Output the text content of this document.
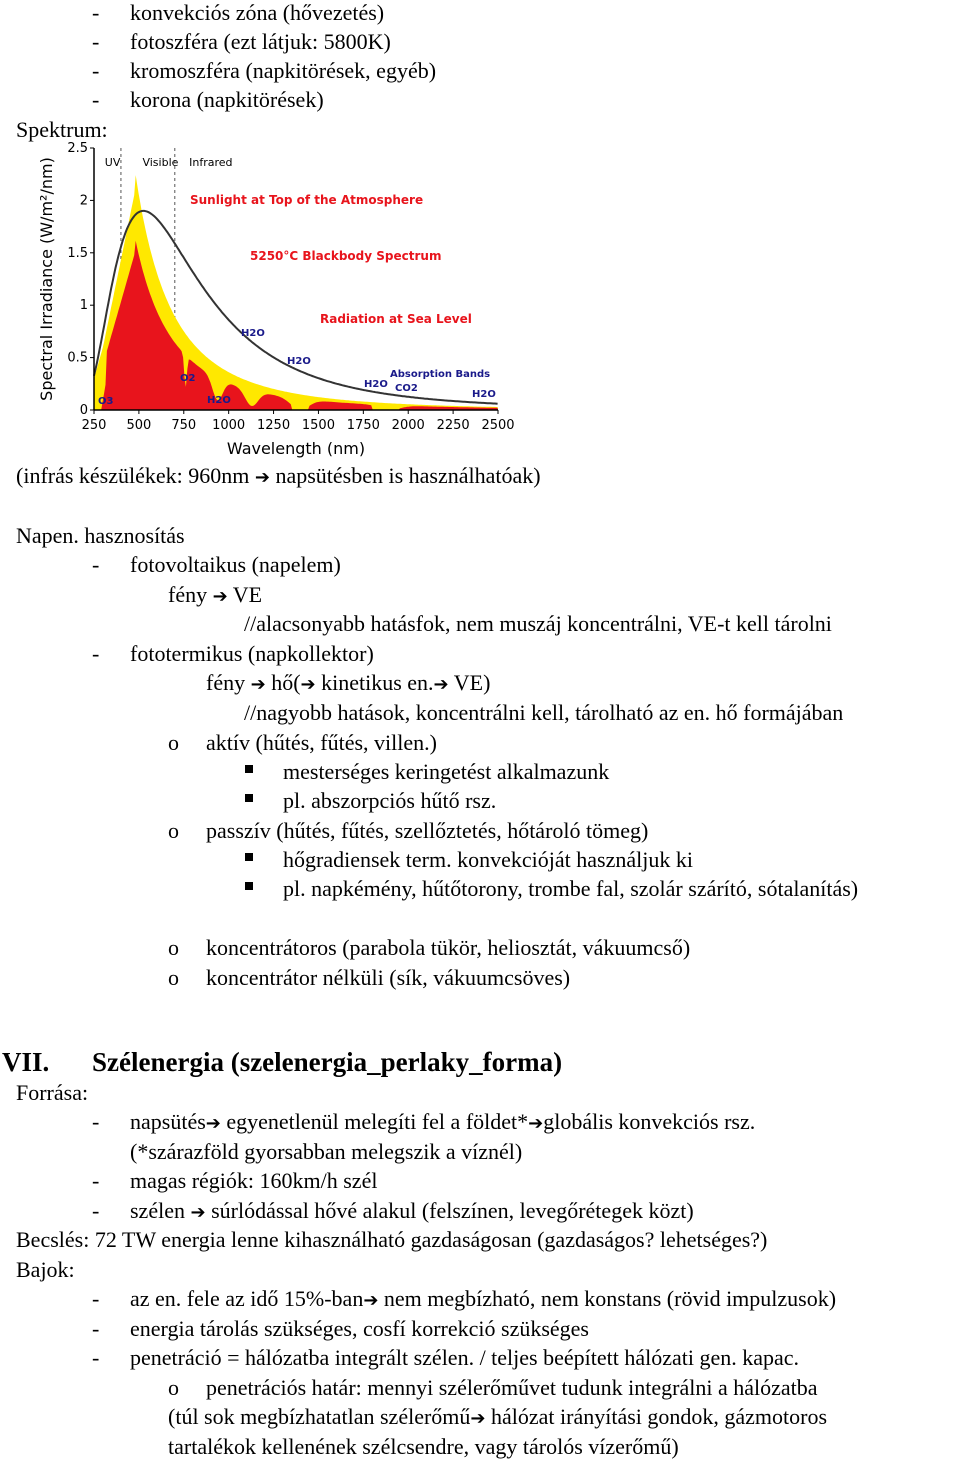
- konvekciós zóna (hővezetés)
- fotoszféra (ezt látjuk: 5800K)
- kromoszféra (napkitörések, egyéb)
- korona (napkitörések)
Spektrum:
250 500 750 1000 1250 1500 1750 2000 2250 2500
0
0.5
1
1.5
2
2.5
UV Visible Infrared
Wavelength (nm)
Spectral Irradiance (W/m²/nm)	Sunlight at Top of the Atmosphere
5250°C Blackbody Spectrum
Radiation at Sea Level
Absorption Bands
O3
O2
H2O
H2O
H2O
H2O CO2
H2O
(infrás készülékek: 960nm ➔ napsütésben is használhatóak)
Napen. hasznosítás
- fotovoltaikus (napelem)
fény ➔ VE
//alacsonyabb hatásfok, nem muszáj koncentrálni, VE-t kell tárolni
- fototermikus (napkollektor)
fény ➔ hő(➔ kinetikus en.➔ VE)
//nagyobb hatások, koncentrálni kell, tárolható az en. hő formájában
o aktív (hűtés, fűtés, villen.)
mesterséges keringetést alkalmazunk
pl. abszorpciós hűtő rsz.
o passzív (hűtés, fűtés, szellőztetés, hőtároló tömeg)
hőgradiensek term. konvekcióját használjuk ki
pl. napkémény, hűtőtorony, trombe fal, szolár szárító, sótalanítás)
o koncentrátoros (parabola tükör, heliosztát, vákuumcső)
o koncentrátor nélküli (sík, vákuumcsöves)
VII. Szélenergia (szelenergia_perlaky_forma)
Forrása:
- napsütés➔ egyenetlenül melegíti fel a földet*➔globális konvekciós rsz.
(*szárazföld gyorsabban melegszik a víznél)
- magas régiók: 160km/h szél
- szélen ➔ súrlódással hővé alakul (felszínen, levegőrétegek közt)
Becslés: 72 TW energia lenne kihasználható gazdaságosan (gazdaságos? lehetséges?)
Bajok:
- az en. fele az idő 15%-ban➔ nem megbízható, nem konstans (rövid impulzusok)
- energia tárolás szükséges, cosfí korrekció szükséges
- penetráció = hálózatba integrált szélen. / teljes beépített hálózati gen. kapac.
o penetrációs határ: mennyi szélerőművet tudunk integrálni a hálózatba
(túl sok megbízhatatlan szélerőmű➔ hálózat irányítási gondok, gázmotoros
tartalékok kellenének szélcsendre, vagy tárolós vízerőmű)
